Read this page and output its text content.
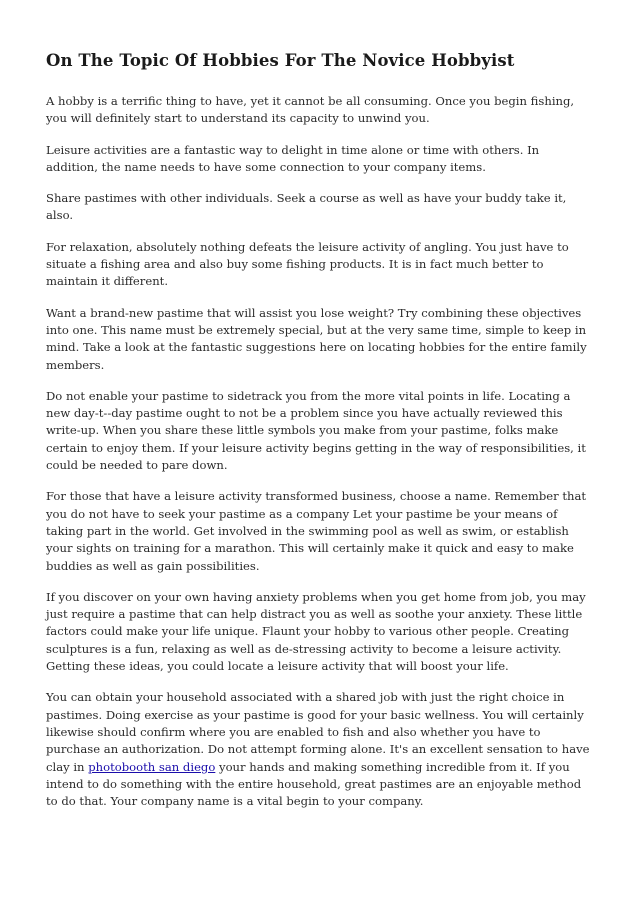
On The Topic Of Hobbies For The Novice Hobbyist

A hobby is a terrific thing to have, yet it cannot be all consuming. Once you begin fishing, you will definitely start to understand its capacity to unwind you.

Leisure activities are a fantastic way to delight in time alone or time with others. In addition, the name needs to have some connection to your company items.

Share pastimes with other individuals. Seek a course as well as have your buddy take it, also.

For relaxation, absolutely nothing defeats the leisure activity of angling. You just have to situate a fishing area and also buy some fishing products. It is in fact much better to maintain it different.

Want a brand-new pastime that will assist you lose weight? Try combining these objectives into one. This name must be extremely special, but at the very same time, simple to keep in mind. Take a look at the fantastic suggestions here on locating hobbies for the entire family members.

Do not enable your pastime to sidetrack you from the more vital points in life. Locating a new day-t--day pastime ought to not be a problem since you have actually reviewed this write-up. When you share these little symbols you make from your pastime, folks make certain to enjoy them. If your leisure activity begins getting in the way of responsibilities, it could be needed to pare down.

For those that have a leisure activity transformed business, choose a name. Remember that you do not have to seek your pastime as a company Let your pastime be your means of taking part in the world. Get involved in the swimming pool as well as swim, or establish your sights on training for a marathon. This will certainly make it quick and easy to make buddies as well as gain possibilities.

If you discover on your own having anxiety problems when you get home from job, you may just require a pastime that can help distract you as well as soothe your anxiety. These little factors could make your life unique. Flaunt your hobby to various other people. Creating sculptures is a fun, relaxing as well as de-stressing activity to become a leisure activity. Getting these ideas, you could locate a leisure activity that will boost your life.

You can obtain your household associated with a shared job with just the right choice in pastimes. Doing exercise as your pastime is good for your basic wellness. You will certainly likewise should confirm where you are enabled to fish and also whether you have to purchase an authorization. Do not attempt forming alone. It's an excellent sensation to have clay in photobooth san diego your hands and making something incredible from it. If you intend to do something with the entire household, great pastimes are an enjoyable method to do that. Your company name is a vital begin to your company.
